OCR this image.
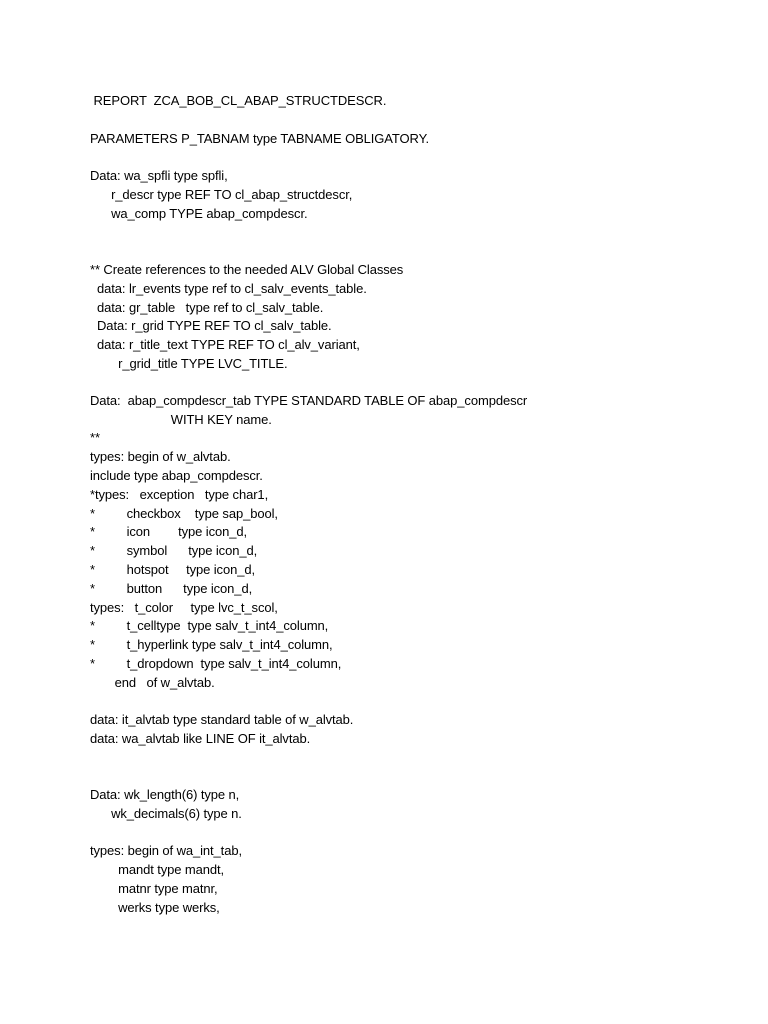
REPORT  ZCA_BOB_CL_ABAP_STRUCTDESCR.
PARAMETERS P_TABNAM type TABNAME OBLIGATORY.
Data: wa_spfli type spfli,
r_descr type REF TO cl_abap_structdescr,
wa_comp TYPE abap_compdescr.
** Create references to the needed ALV Global Classes
data: lr_events type ref to cl_salv_events_table.
data: gr_table   type ref to cl_salv_table.
Data: r_grid TYPE REF TO cl_salv_table.
data: r_title_text TYPE REF TO cl_alv_variant,
r_grid_title TYPE LVC_TITLE.
Data:  abap_compdescr_tab TYPE STANDARD TABLE OF abap_compdescr
WITH KEY name.
**
types: begin of w_alvtab.
include type abap_compdescr.
*types:   exception   type char1,
*         checkbox    type sap_bool,
*         icon        type icon_d,
*         symbol      type icon_d,
*         hotspot     type icon_d,
*         button      type icon_d,
types:   t_color     type lvc_t_scol,
*         t_celltype  type salv_t_int4_column,
*         t_hyperlink type salv_t_int4_column,
*         t_dropdown  type salv_t_int4_column,
end   of w_alvtab.
data: it_alvtab type standard table of w_alvtab.
data: wa_alvtab like LINE OF it_alvtab.
Data: wk_length(6) type n,
wk_decimals(6) type n.
types: begin of wa_int_tab,
mandt type mandt,
matnr type matnr,
werks type werks,
